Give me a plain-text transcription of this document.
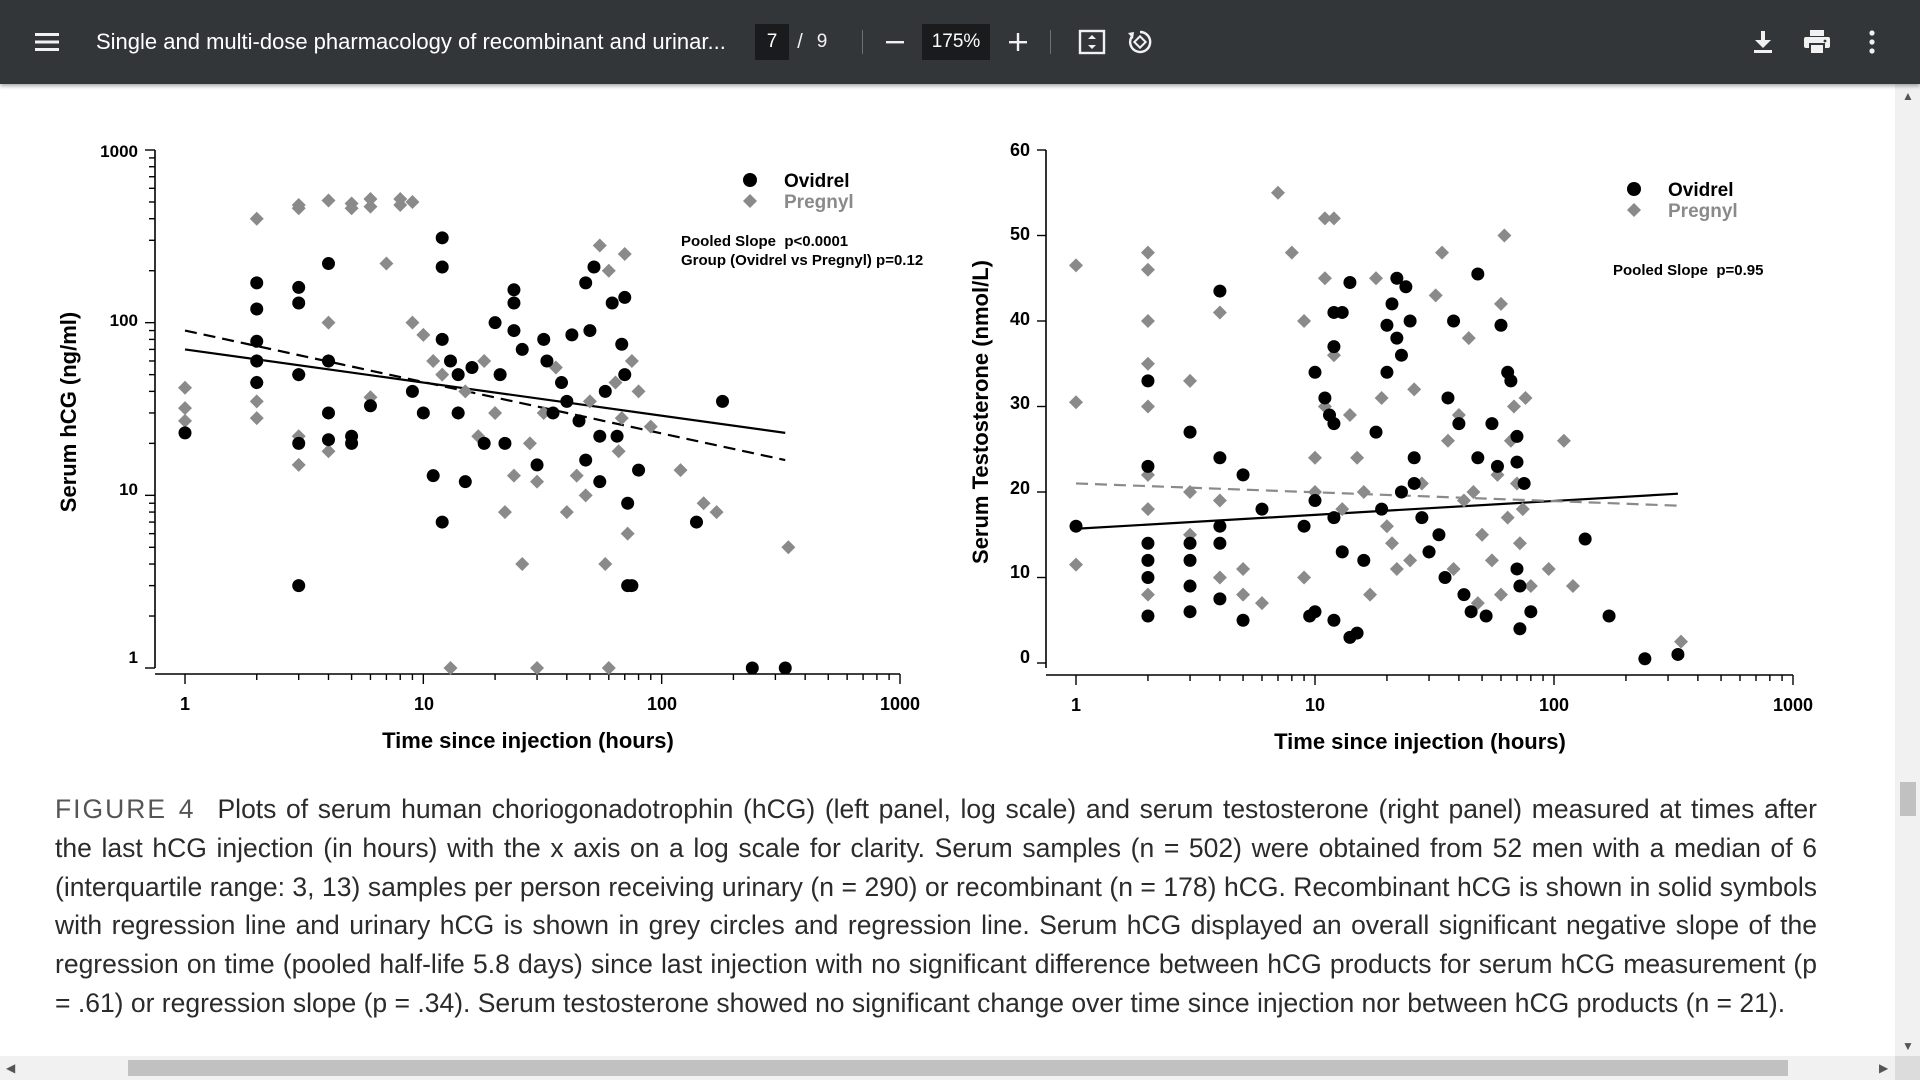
Single and multi-dose pharmacology of recombinant and urinar...
7	/ 9	175%
1000
100
10
1
1	10	100	1000
Time since injection (hours)
Serum hCG (ng/ml)
Ovidrel
Pregnyl
Pooled Slope  p<0.0001
Group (Ovidrel vs Pregnyl) p=0.12
60
50
40
30
20
10
0
1	10	100	1000
Time since injection (hours)
Serum Testosterone (nmol/L)
Ovidrel
Pregnyl
Pooled Slope  p=0.95
FIGURE 4 Plots of serum human choriogonadotrophin (hCG) (left panel, log scale) and serum testosterone (right panel) measured at times after the last hCG injection (in hours) with the x axis on a log scale for clarity. Serum samples (n = 502) were obtained from 52 men with a median of 6 (interquartile range: 3, 13) samples per person receiving urinary (n = 290) or recombinant (n = 178) hCG. Recombinant hCG is shown in solid symbols with regression line and urinary hCG is shown in grey circles and regression line. Serum hCG displayed an overall significant negative slope of the regression on time (pooled half-life 5.8 days) since last injection with no significant difference between hCG products for serum hCG measurement (p = .61) or regression slope (p = .34). Serum testosterone showed no significant change over time since injection nor between hCG products (n = 21).
▲
▼
◀	▶
